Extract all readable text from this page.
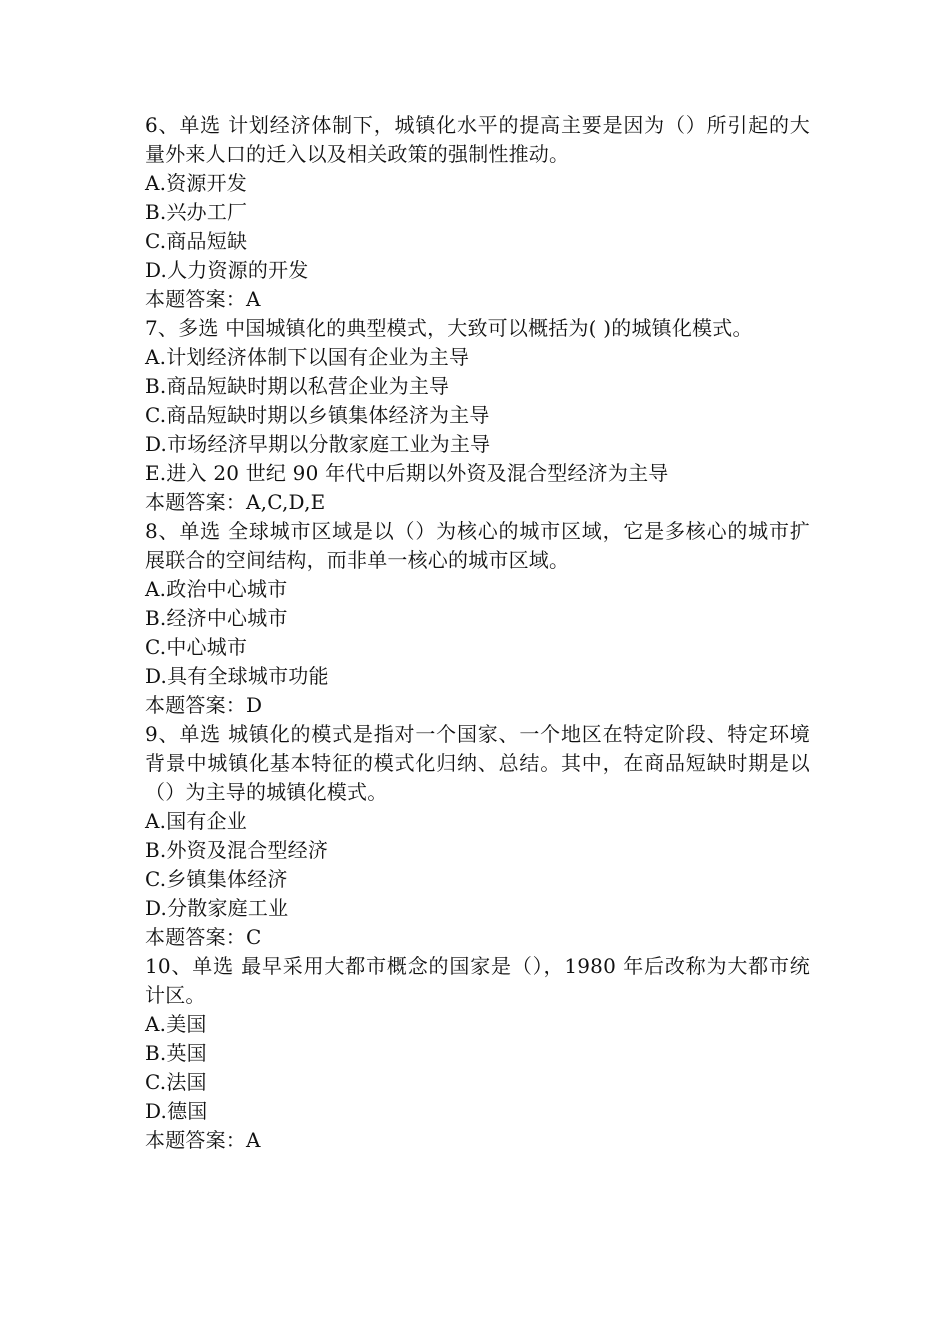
6、单选 计划经济体制下，城镇化水平的提高主要是因为（）所引起的大量外来人口的迁入以及相关政策的强制性推动。
A.资源开发
B.兴办工厂
C.商品短缺
D.人力资源的开发
本题答案：A
7、多选 中国城镇化的典型模式，大致可以概括为( )的城镇化模式。
A.计划经济体制下以国有企业为主导
B.商品短缺时期以私营企业为主导
C.商品短缺时期以乡镇集体经济为主导
D.市场经济早期以分散家庭工业为主导
E.进入 20 世纪 90 年代中后期以外资及混合型经济为主导
本题答案：A,C,D,E
8、单选 全球城市区域是以（）为核心的城市区域，它是多核心的城市扩展联合的空间结构，而非单一核心的城市区域。
A.政治中心城市
B.经济中心城市
C.中心城市
D.具有全球城市功能
本题答案：D
9、单选 城镇化的模式是指对一个国家、一个地区在特定阶段、特定环境背景中城镇化基本特征的模式化归纳、总结。其中，在商品短缺时期是以（）为主导的城镇化模式。
A.国有企业
B.外资及混合型经济
C.乡镇集体经济
D.分散家庭工业
本题答案：C
10、单选 最早采用大都市概念的国家是（），1980 年后改称为大都市统计区。
A.美国
B.英国
C.法国
D.德国
本题答案：A
